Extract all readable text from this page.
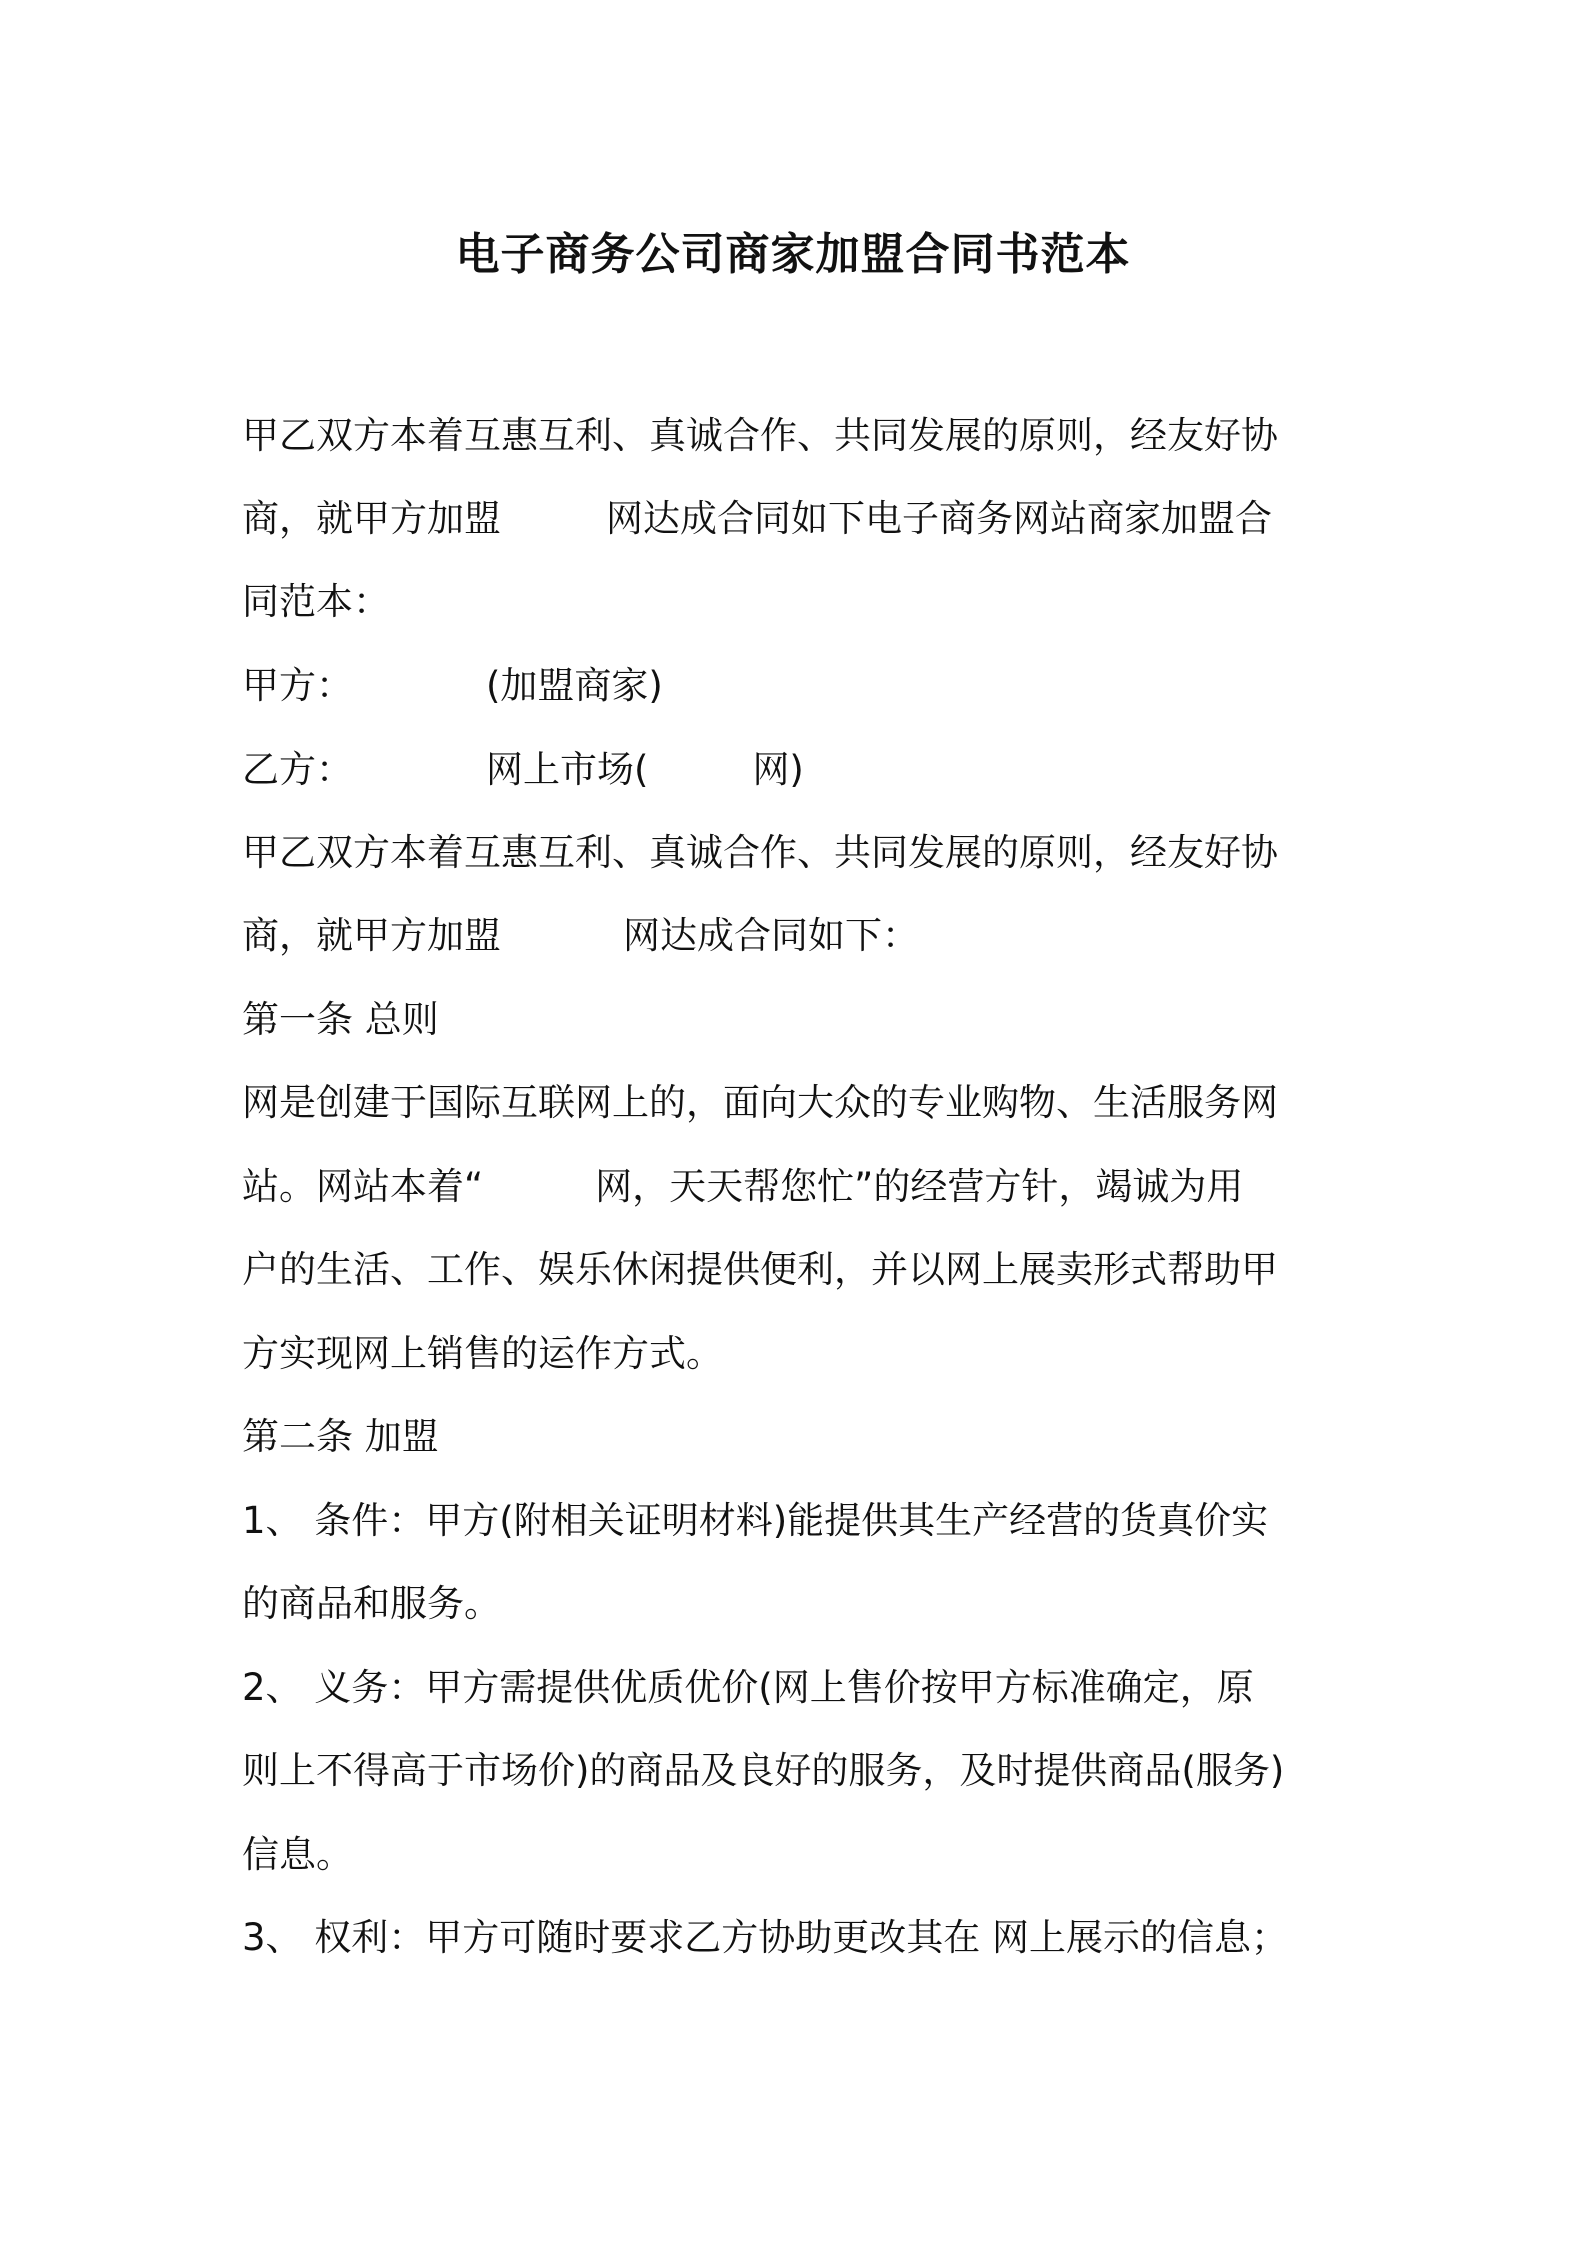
电子商务公司商家加盟合同书范本
甲乙双方本着互惠互利、真诚合作、共同发展的原则，经友好协
商，就甲方加盟	网达成合同如下电子商务网站商家加盟合
同范本：
甲方：	(加盟商家)
乙方：	网上市场(	网)
甲乙双方本着互惠互利、真诚合作、共同发展的原则，经友好协
商，就甲方加盟	网达成合同如下：
第一条 总则
网是创建于国际互联网上的，面向大众的专业购物、生活服务网
站。网站本着“	网，天天帮您忙”的经营方针，竭诚为用
户的生活、工作、娱乐休闲提供便利，并以网上展卖形式帮助甲
方实现网上销售的运作方式。
第二条 加盟
1、 条件：甲方(附相关证明材料)能提供其生产经营的货真价实
的商品和服务。
2、 义务：甲方需提供优质优价(网上售价按甲方标准确定，原
则上不得高于市场价)的商品及良好的服务，及时提供商品(服务)
信息。
3、 权利：甲方可随时要求乙方协助更改其在 网上展示的信息；
